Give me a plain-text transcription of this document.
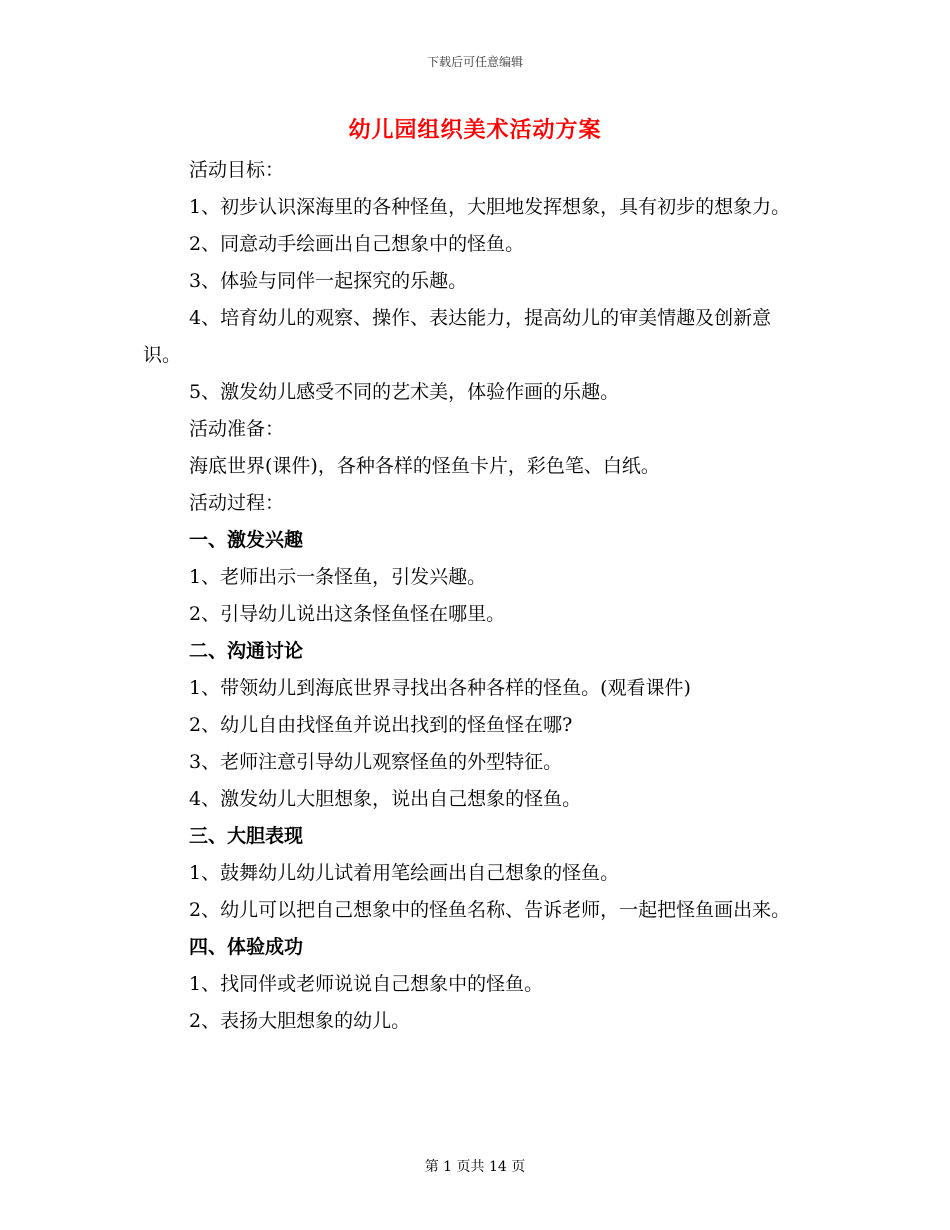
下载后可任意编辑
幼儿园组织美术活动方案

活动目标：

1、初步认识深海里的各种怪鱼，大胆地发挥想象，具有初步的想象力。

2、同意动手绘画出自己想象中的怪鱼。

3、体验与同伴一起探究的乐趣。

4、培育幼儿的观察、操作、表达能力，提高幼儿的审美情趣及创新意识。

5、激发幼儿感受不同的艺术美，体验作画的乐趣。

活动准备：

海底世界(课件)，各种各样的怪鱼卡片，彩色笔、白纸。

活动过程：

一、激发兴趣

1、老师出示一条怪鱼，引发兴趣。

2、引导幼儿说出这条怪鱼怪在哪里。

二、沟通讨论

1、带领幼儿到海底世界寻找出各种各样的怪鱼。(观看课件)

2、幼儿自由找怪鱼并说出找到的怪鱼怪在哪?

3、老师注意引导幼儿观察怪鱼的外型特征。

4、激发幼儿大胆想象，说出自己想象的怪鱼。

三、大胆表现

1、鼓舞幼儿幼儿试着用笔绘画出自己想象的怪鱼。

2、幼儿可以把自己想象中的怪鱼名称、告诉老师，一起把怪鱼画出来。

四、体验成功

1、找同伴或老师说说自己想象中的怪鱼。

2、表扬大胆想象的幼儿。

第 1 页共 14 页
